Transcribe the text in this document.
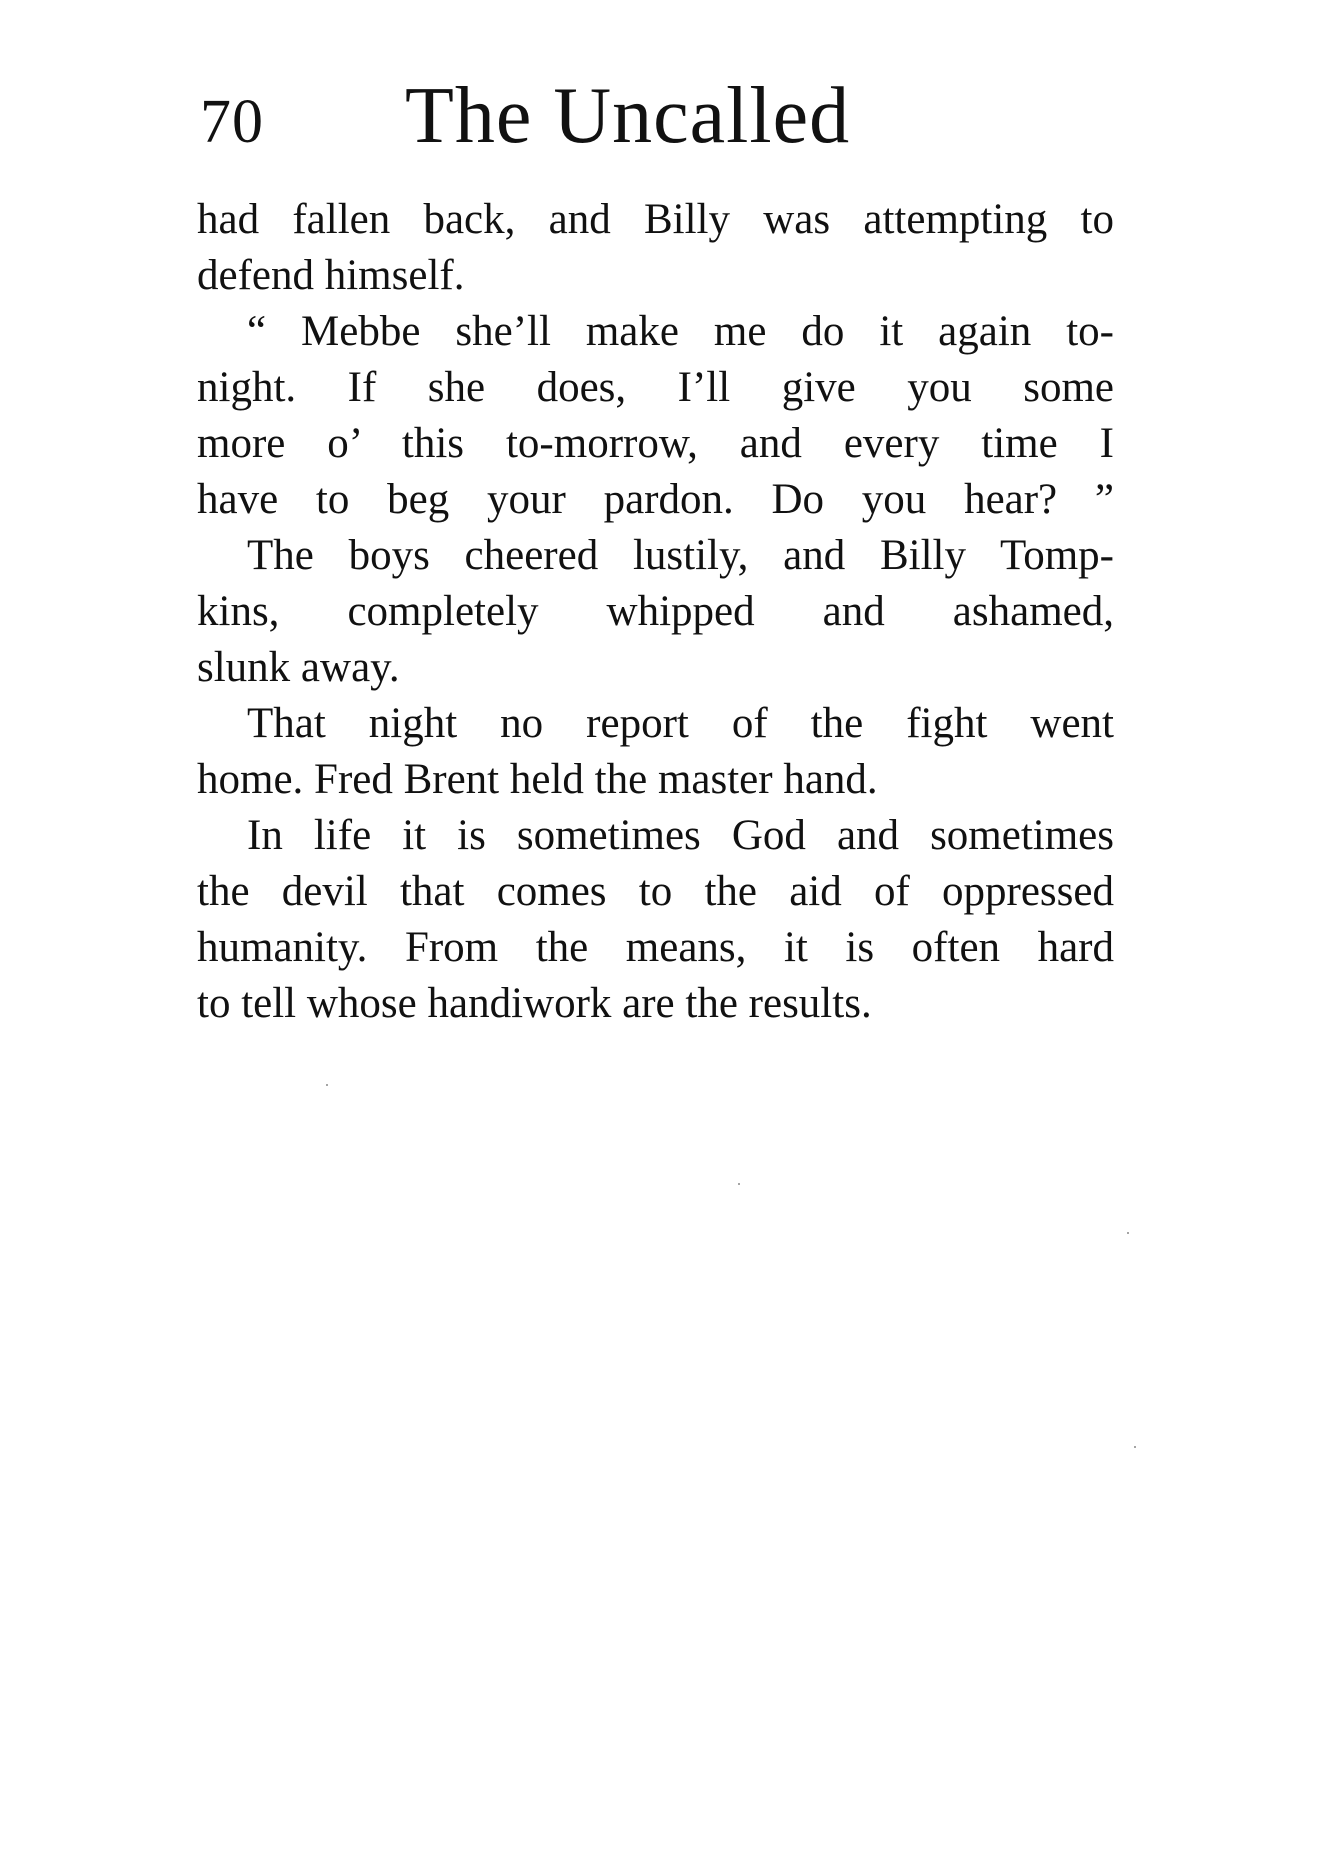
70	The Uncalled
had fallen back, and Billy was attempting to
defend himself.
“ Mebbe she’ll make me do it again to-
night. If she does, I’ll give you some
more o’ this to-morrow, and every time I
have to beg your pardon. Do you hear? ”
The boys cheered lustily, and Billy Tomp-
kins, completely whipped and ashamed,
slunk away.
That night no report of the fight went
home. Fred Brent held the master hand.
In life it is sometimes God and sometimes
the devil that comes to the aid of oppressed
humanity. From the means, it is often hard
to tell whose handiwork are the results.
